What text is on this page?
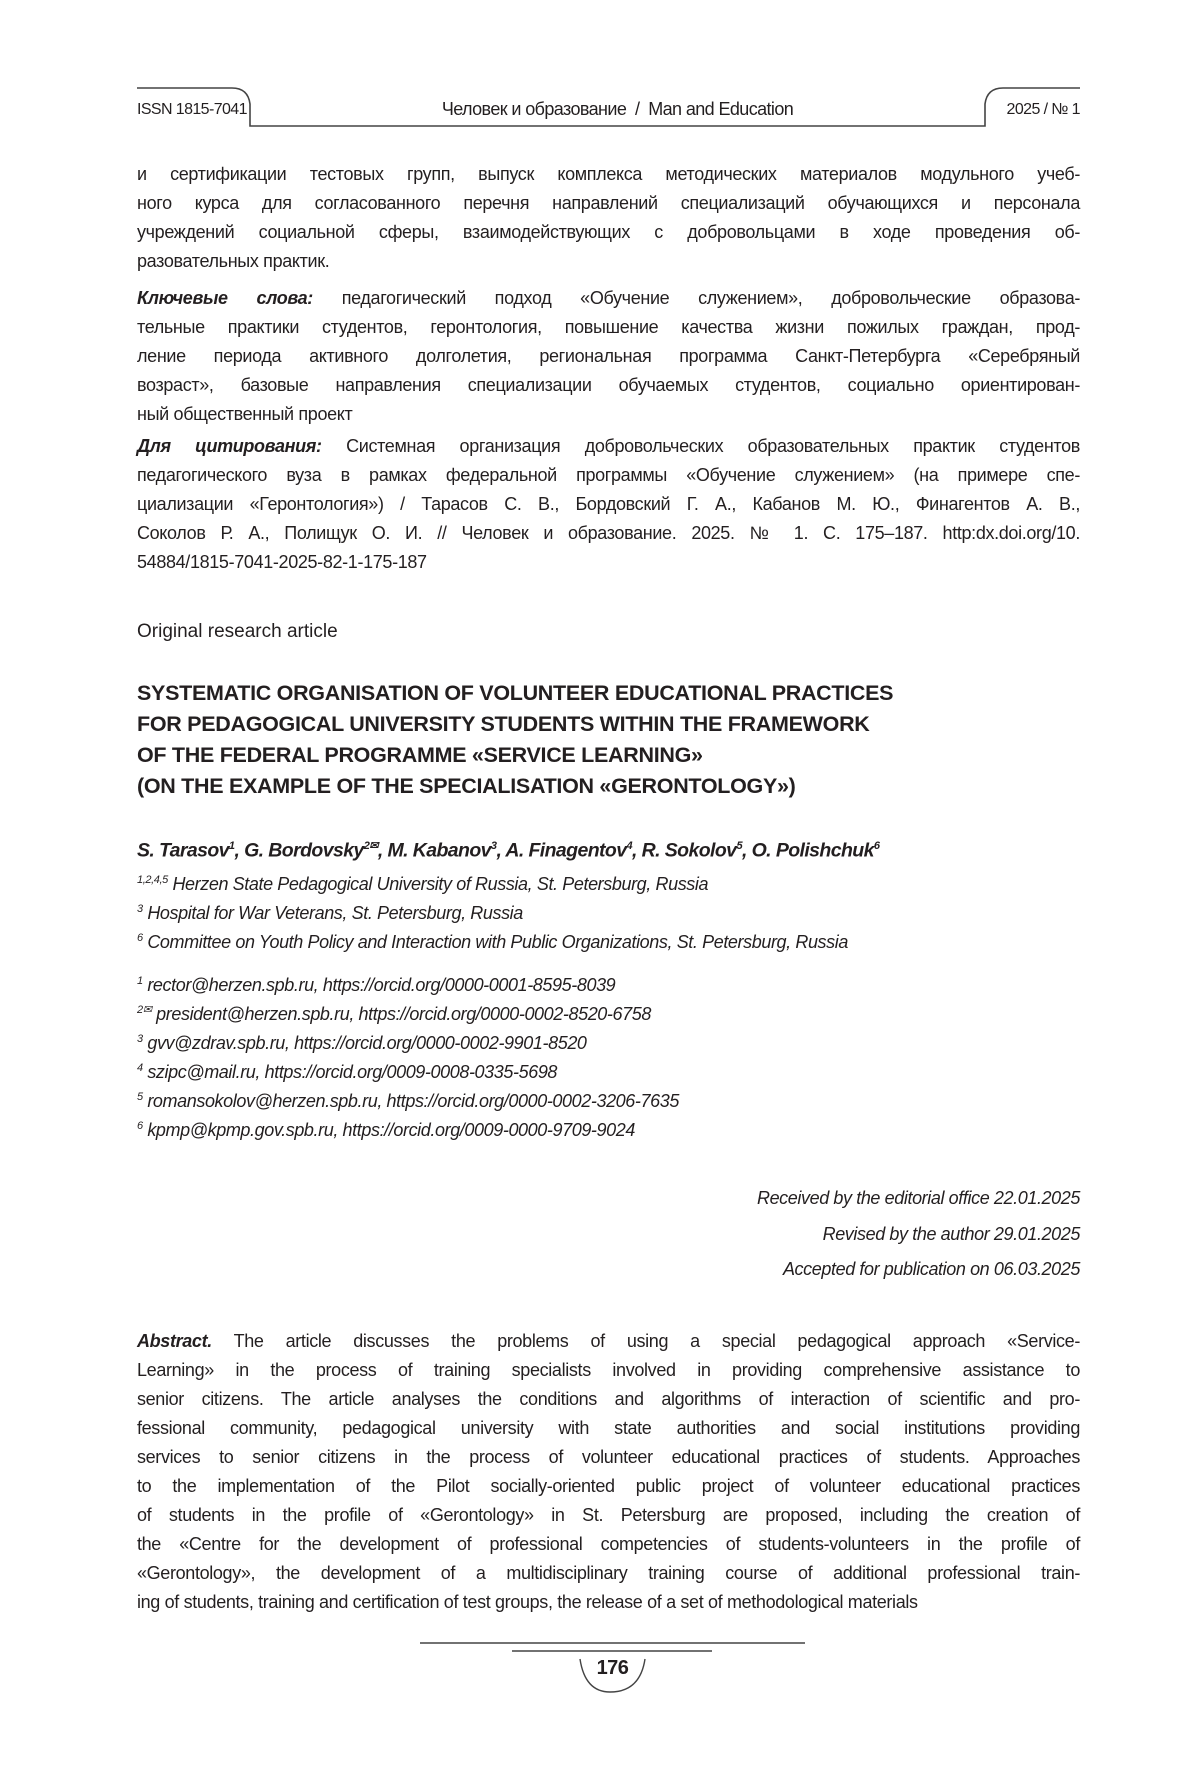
ISSN 1815-7041	Человек и образование  /  Man and Education	2025 / № 1
и сертификации тестовых групп, выпуск комплекса методических материалов модульного учеб-
ного курса для согласованного перечня направлений специализаций обучающихся и персонала
учреждений социальной сферы, взаимодействующих с добровольцами в ходе проведения об-
разовательных практик.
Ключевые слова: педагогический подход «Обучение служением», добровольческие образова-
тельные практики студентов, геронтология, повышение качества жизни пожилых граждан, прод-
ление периода активного долголетия, региональная программа Санкт-Петербурга «Серебряный
возраст», базовые направления специализации обучаемых студентов, социально ориентирован-
ный общественный проект
Для цитирования: Системная организация добровольческих образовательных практик студентов
педагогического вуза в рамках федеральной программы «Обучение служением» (на примере спе-
циализации «Геронтология») / Тарасов С. В., Бордовский Г. А., Кабанов М. Ю., Финагентов А. В.,
Соколов Р. А., Полищук О. И. // Человек и образование. 2025. № 1. С. 175–187. http:dx.doi.org/10.
54884/1815-7041-2025-82-1-175-187
Original research article
SYSTEMATIC ORGANISATION OF VOLUNTEER EDUCATIONAL PRACTICES
FOR PEDAGOGICAL UNIVERSITY STUDENTS WITHIN THE FRAMEWORK
OF THE FEDERAL PROGRAMME «SERVICE LEARNING»
(ON THE EXAMPLE OF THE SPECIALISATION «GERONTOLOGY»)
S. Tarasov1, G. Bordovsky2✉, M. Kabanov3, A. Finagentov4, R. Sokolov5, O. Polishchuk6
1,2,4,5 Herzen State Pedagogical University of Russia, St. Petersburg, Russia
3 Hospital for War Veterans, St. Petersburg, Russia
6 Committee on Youth Policy and Interaction with Public Organizations, St. Petersburg, Russia
1 rector@herzen.spb.ru, https://orcid.org/0000-0001-8595-8039
2✉ president@herzen.spb.ru, https://orcid.org/0000-0002-8520-6758
3 gvv@zdrav.spb.ru, https://orcid.org/0000-0002-9901-8520
4 szipc@mail.ru, https://orcid.org/0009-0008-0335-5698
5 romansokolov@herzen.spb.ru, https://orcid.org/0000-0002-3206-7635
6 kpmp@kpmp.gov.spb.ru, https://orcid.org/0009-0000-9709-9024
Received by the editorial office 22.01.2025
Revised by the author 29.01.2025
Accepted for publication on 06.03.2025
Abstract. The article discusses the problems of using a special pedagogical approach «Service-
Learning» in the process of training specialists involved in providing comprehensive assistance to
senior citizens. The article analyses the conditions and algorithms of interaction of scientific and pro-
fessional community, pedagogical university with state authorities and social institutions providing
services to senior citizens in the process of volunteer educational practices of students. Approaches
to the implementation of the Pilot socially-oriented public project of volunteer educational practices
of students in the profile of «Gerontology» in St. Petersburg are proposed, including the creation of
the «Centre for the development of professional competencies of students-volunteers in the profile of
«Gerontology», the development of a multidisciplinary training course of additional professional train-
ing of students, training and certification of test groups, the release of a set of methodological materials
176
